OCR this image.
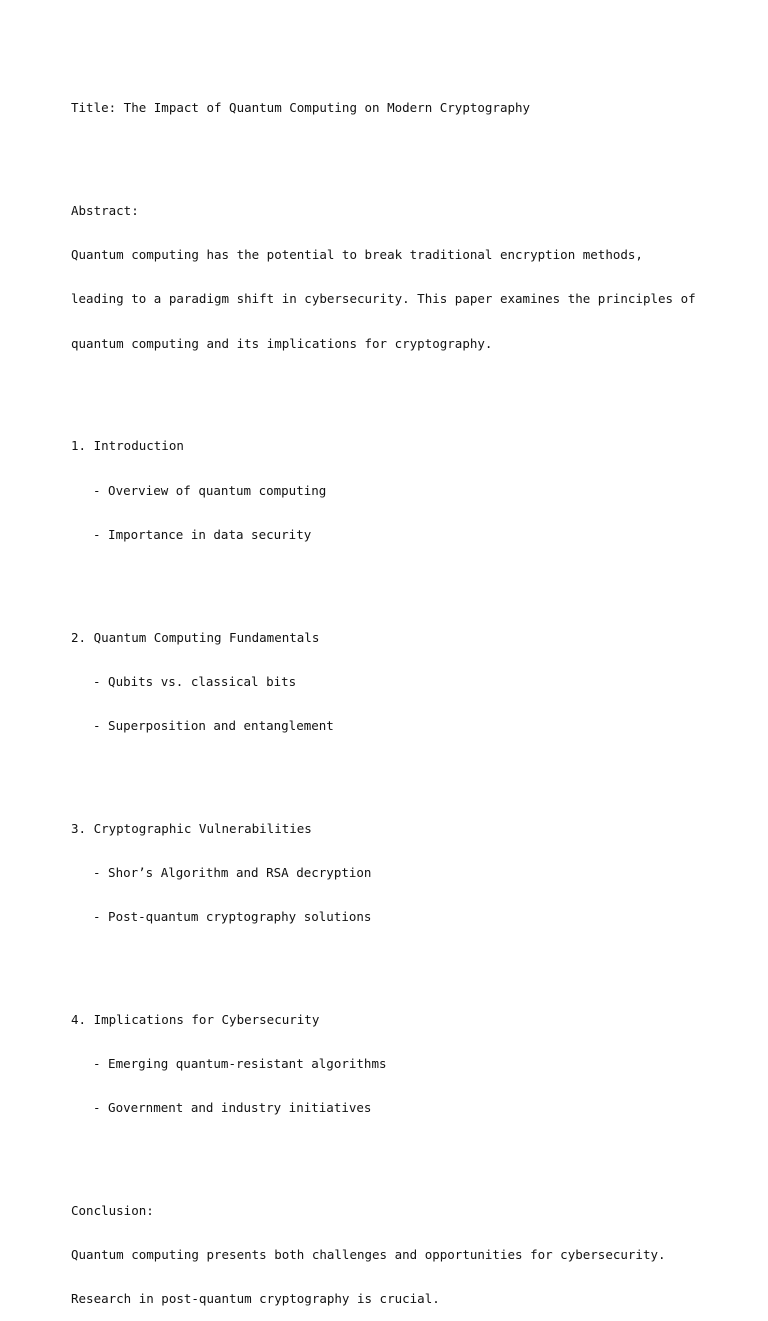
Title: The Impact of Quantum Computing on Modern Cryptography

Abstract:

Quantum computing has the potential to break traditional encryption methods,

leading to a paradigm shift in cybersecurity. This paper examines the principles of

quantum computing and its implications for cryptography.

1. Introduction

- Overview of quantum computing

- Importance in data security

2. Quantum Computing Fundamentals

- Qubits vs. classical bits

- Superposition and entanglement

3. Cryptographic Vulnerabilities

- Shor’s Algorithm and RSA decryption

- Post-quantum cryptography solutions

4. Implications for Cybersecurity

- Emerging quantum-resistant algorithms

- Government and industry initiatives

Conclusion:

Quantum computing presents both challenges and opportunities for cybersecurity.

Research in post-quantum cryptography is crucial.
